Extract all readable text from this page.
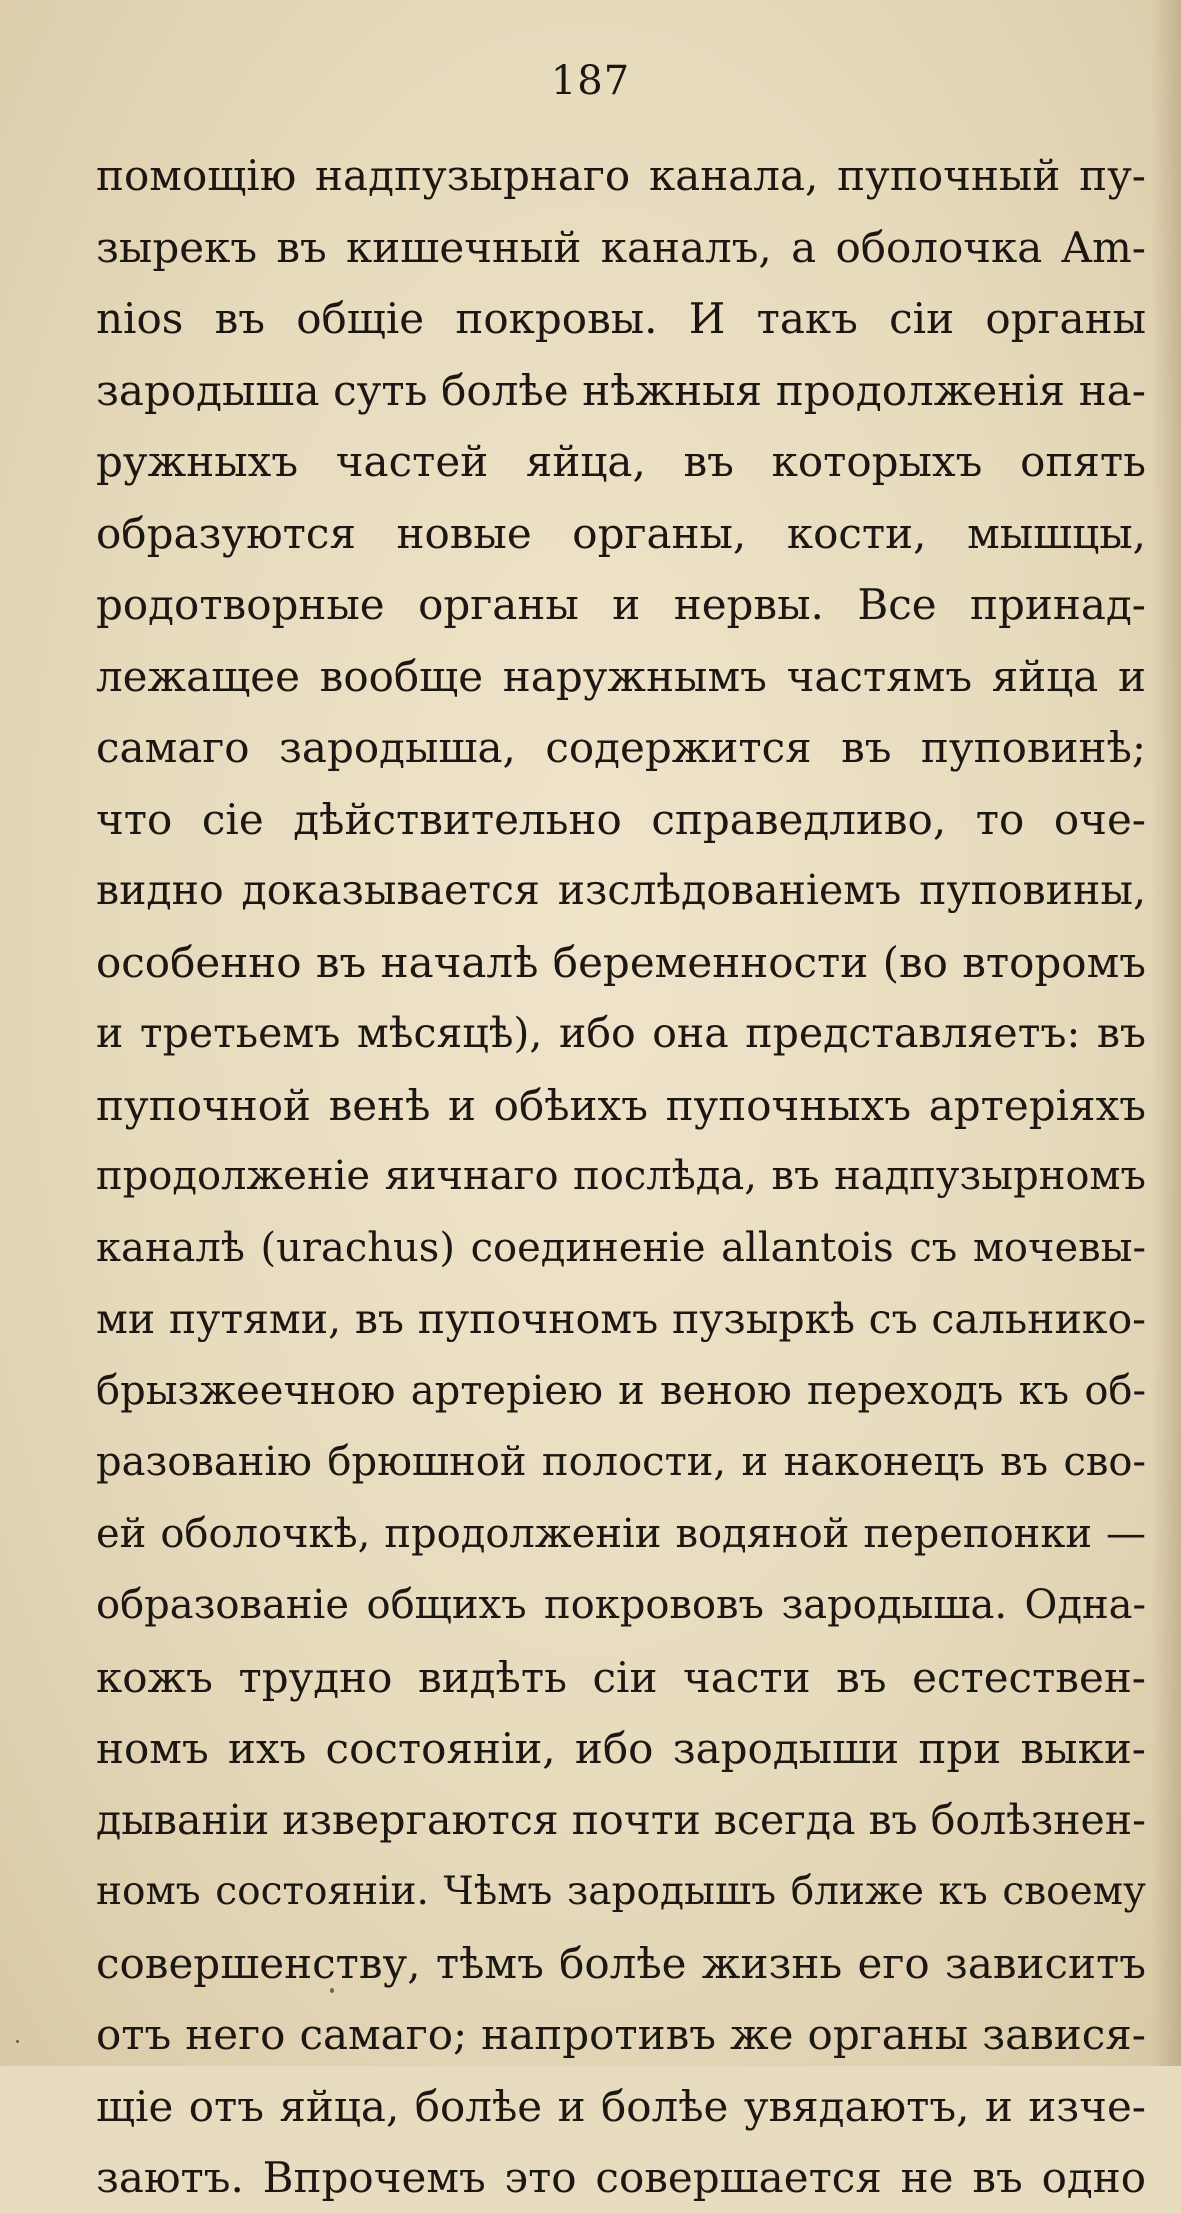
187
помощію надпузырнаго канала, пупочный пу-
зырекъ въ кишечный каналъ, а оболочка Am-
nios въ общіе покровы. И такъ сіи органы
зародыша суть болѣе нѣжныя продолженія на-
ружныхъ частей яйца, въ которыхъ опять
образуются новые органы, кости, мышцы,
родотворные органы и нервы. Все принад-
лежащее вообще наружнымъ частямъ яйца и
самаго зародыша, содержится въ пуповинѣ;
что сіе дѣйствительно справедливо, то оче-
видно доказывается изслѣдованіемъ пуповины,
особенно въ началѣ беременности (во второмъ
и третьемъ мѣсяцѣ), ибо она представляетъ: въ
пупочной венѣ и обѣихъ пупочныхъ артеріяхъ
продолженіе яичнаго послѣда, въ надпузырномъ
каналѣ (urachus) соединеніе allantois съ мочевы-
ми путями, въ пупочномъ пузыркѣ съ сальнико-
брызжеечною артеріею и веною переходъ къ об-
разованію брюшной полости, и наконецъ въ сво-
ей оболочкѣ, продолженіи водяной перепонки —
образованіе общихъ покрововъ зародыша. Одна-
кожъ трудно видѣть сіи части въ естествен-
номъ ихъ состояніи, ибо зародыши при выки-
дываніи извергаются почти всегда въ болѣзнен-
номъ состояніи. Чѣмъ зародышъ ближе къ своему
совершенству, тѣмъ болѣе жизнь его зависитъ
отъ него самаго; напротивъ же органы завися-
щіе отъ яйца, болѣе и болѣе увядаютъ, и изче-
заютъ. Впрочемъ это совершается не въ одно
